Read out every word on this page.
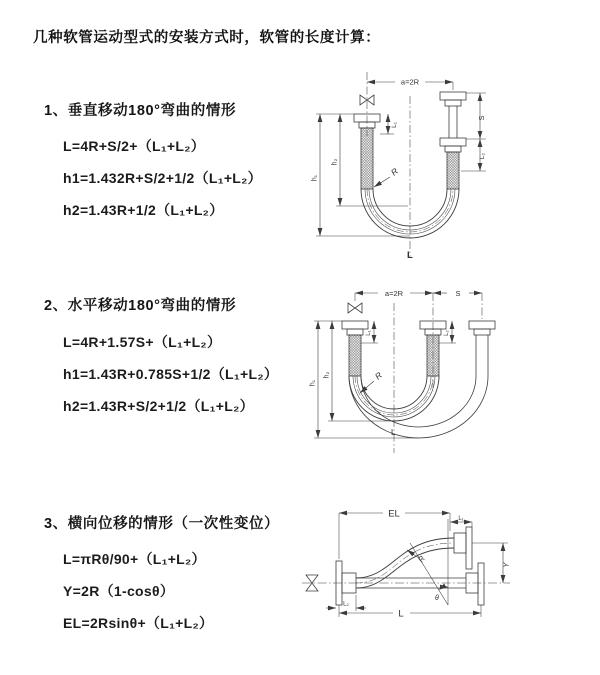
几种软管运动型式的安装方式时，软管的长度计算：
1、垂直移动180°弯曲的情形
L=4R+S/2+（L₁+L₂）
h1=1.432R+S/2+1/2（L₁+L₂）
h2=1.43R+1/2（L₁+L₂）
a=2R
S
L₂
L₁
h₁
h₂
R
L
2、水平移动180°弯曲的情形
L=4R+1.57S+（L₁+L₂）
h1=1.43R+0.785S+1/2（L₁+L₂）
h2=1.43R+S/2+1/2（L₁+L₂）
a=2R	S
h₁
h₂
L₁	L₂
R
L
3、横向位移的情形（一次性变位）
L=πRθ/90+（L₁+L₂）
Y=2R（1-cosθ）
EL=2Rsinθ+（L₁+L₂）
EL	L₁
Y
R
θ
L
L₂
